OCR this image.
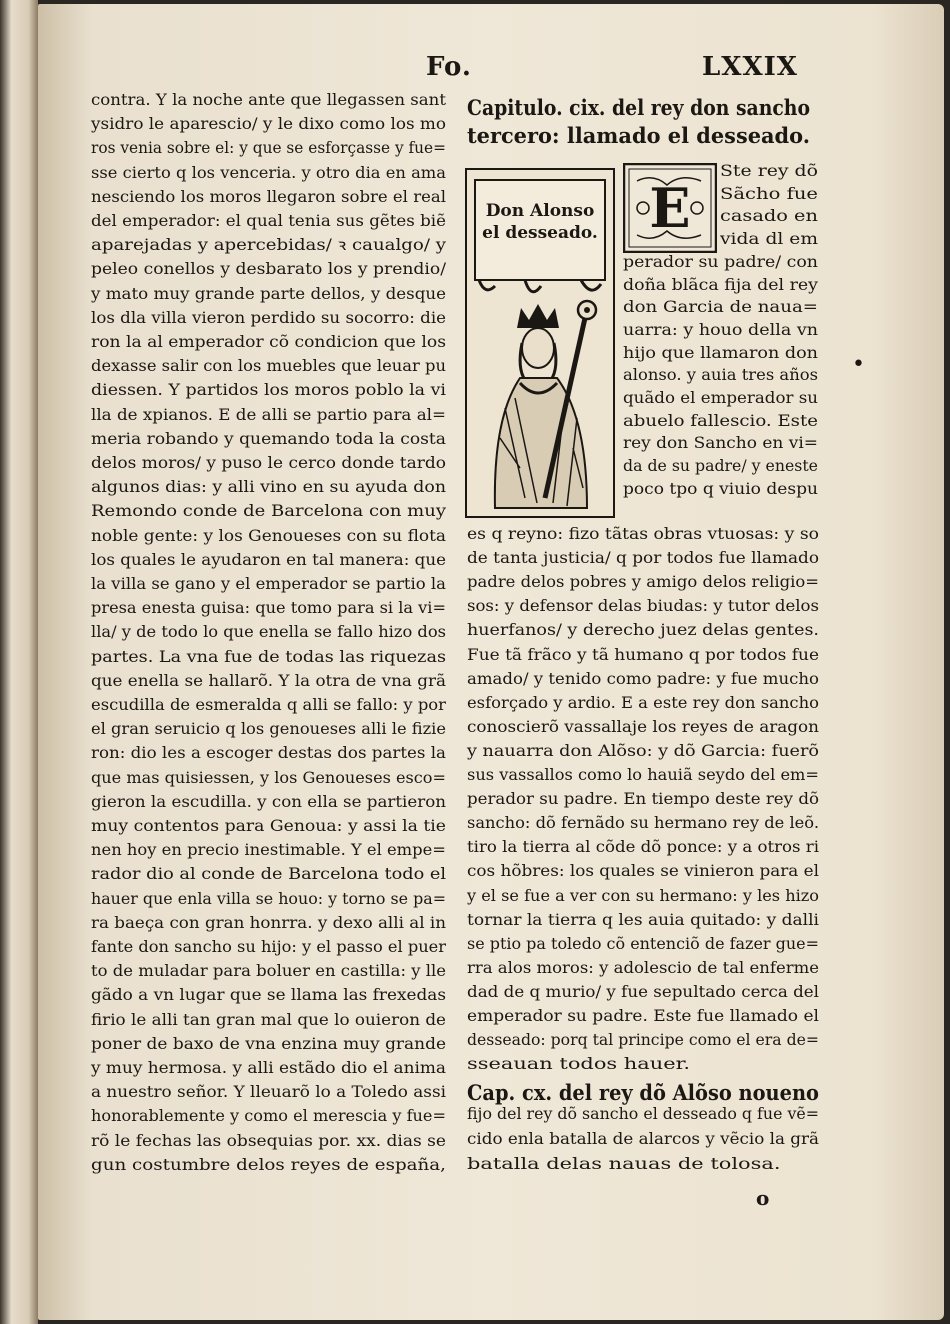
Fo.	LXXIX
contra. Y la noche ante que llegassen sant
ysidro le aparescio/ y le dixo como los mo
ros venia sobre el: y que se esforçasse y fue=
sse cierto q los venceria. y otro dia en ama
nesciendo los moros llegaron sobre el real
del emperador: el qual tenia sus gẽtes biẽ
aparejadas y apercebidas/ ꝛ caualgo/ y
peleo conellos y desbarato los y prendio/
y mato muy grande parte dellos, y desque
los dla villa vieron perdido su socorro: die
ron la al emperador cõ condicion que los
dexasse salir con los muebles que leuar pu
diessen. Y partidos los moros poblo la vi
lla de xpianos. E de alli se partio para al=
meria robando y quemando toda la costa
delos moros/ y puso le cerco donde tardo
algunos dias: y alli vino en su ayuda don
Remondo conde de Barcelona con muy
noble gente: y los Genoueses con su flota
los quales le ayudaron en tal manera: que
la villa se gano y el emperador se partio la
presa enesta guisa: que tomo para si la vi=
lla/ y de todo lo que enella se fallo hizo dos
partes. La vna fue de todas las riquezas
que enella se hallarõ. Y la otra de vna grã
escudilla de esmeralda q alli se fallo: y por
el gran seruicio q los genoueses alli le fizie
ron: dio les a escoger destas dos partes la
que mas quisiessen, y los Genoueses esco=
gieron la escudilla. y con ella se partieron
muy contentos para Genoua: y assi la tie
nen hoy en precio inestimable. Y el empe=
rador dio al conde de Barcelona todo el
hauer que enla villa se houo: y torno se pa=
ra baeça con gran honrra. y dexo alli al in
fante don sancho su hijo: y el passo el puer
to de muladar para boluer en castilla: y lle
gãdo a vn lugar que se llama las frexedas
firio le alli tan gran mal que lo ouieron de
poner de baxo de vna enzina muy grande
y muy hermosa. y alli estãdo dio el anima
a nuestro señor. Y lleuarõ lo a Toledo assi
honorablemente y como el merescia y fue=
rõ le fechas las obsequias por. xx. dias se
gun costumbre delos reyes de españa,
Capitulo. cix. del rey don sancho
tercero: llamado el desseado.
Don Alonso
el desseado. E
Ste rey dõ
Sãcho fue
casado en
vida dl em
perador su padre/ con
doña blãca fija del rey
don Garcia de naua=
uarra: y houo della vn
hijo que llamaron don
alonso. y auia tres años
quãdo el emperador su
abuelo fallescio. Este
rey don Sancho en vi=
da de su padre/ y eneste
poco tpo q viuio despu
es q reyno: fizo tãtas obras vtuosas: y so
de tanta justicia/ q por todos fue llamado
padre delos pobres y amigo delos religio=
sos: y defensor delas biudas: y tutor delos
huerfanos/ y derecho juez delas gentes.
Fue tã frãco y tã humano q por todos fue
amado/ y tenido como padre: y fue mucho
esforçado y ardio. E a este rey don sancho
conoscierõ vassallaje los reyes de aragon
y nauarra don Alõso: y dõ Garcia: fuerõ
sus vassallos como lo hauiã seydo del em=
perador su padre. En tiempo deste rey dõ
sancho: dõ fernãdo su hermano rey de leõ.
tiro la tierra al cõde dõ ponce: y a otros ri
cos hõbres: los quales se vinieron para el
y el se fue a ver con su hermano: y les hizo
tornar la tierra q les auia quitado: y dalli
se ptio pa toledo cõ entenciõ de fazer gue=
rra alos moros: y adolescio de tal enferme
dad de q murio/ y fue sepultado cerca del
emperador su padre. Este fue llamado el
desseado: porq tal principe como el era de=
sseauan todos hauer.
Cap. cx. del rey dõ Alõso noueno
fijo del rey dõ sancho el desseado q fue vẽ=
cido enla batalla de alarcos y vẽcio la grã
batalla delas nauas de tolosa.
•
o
